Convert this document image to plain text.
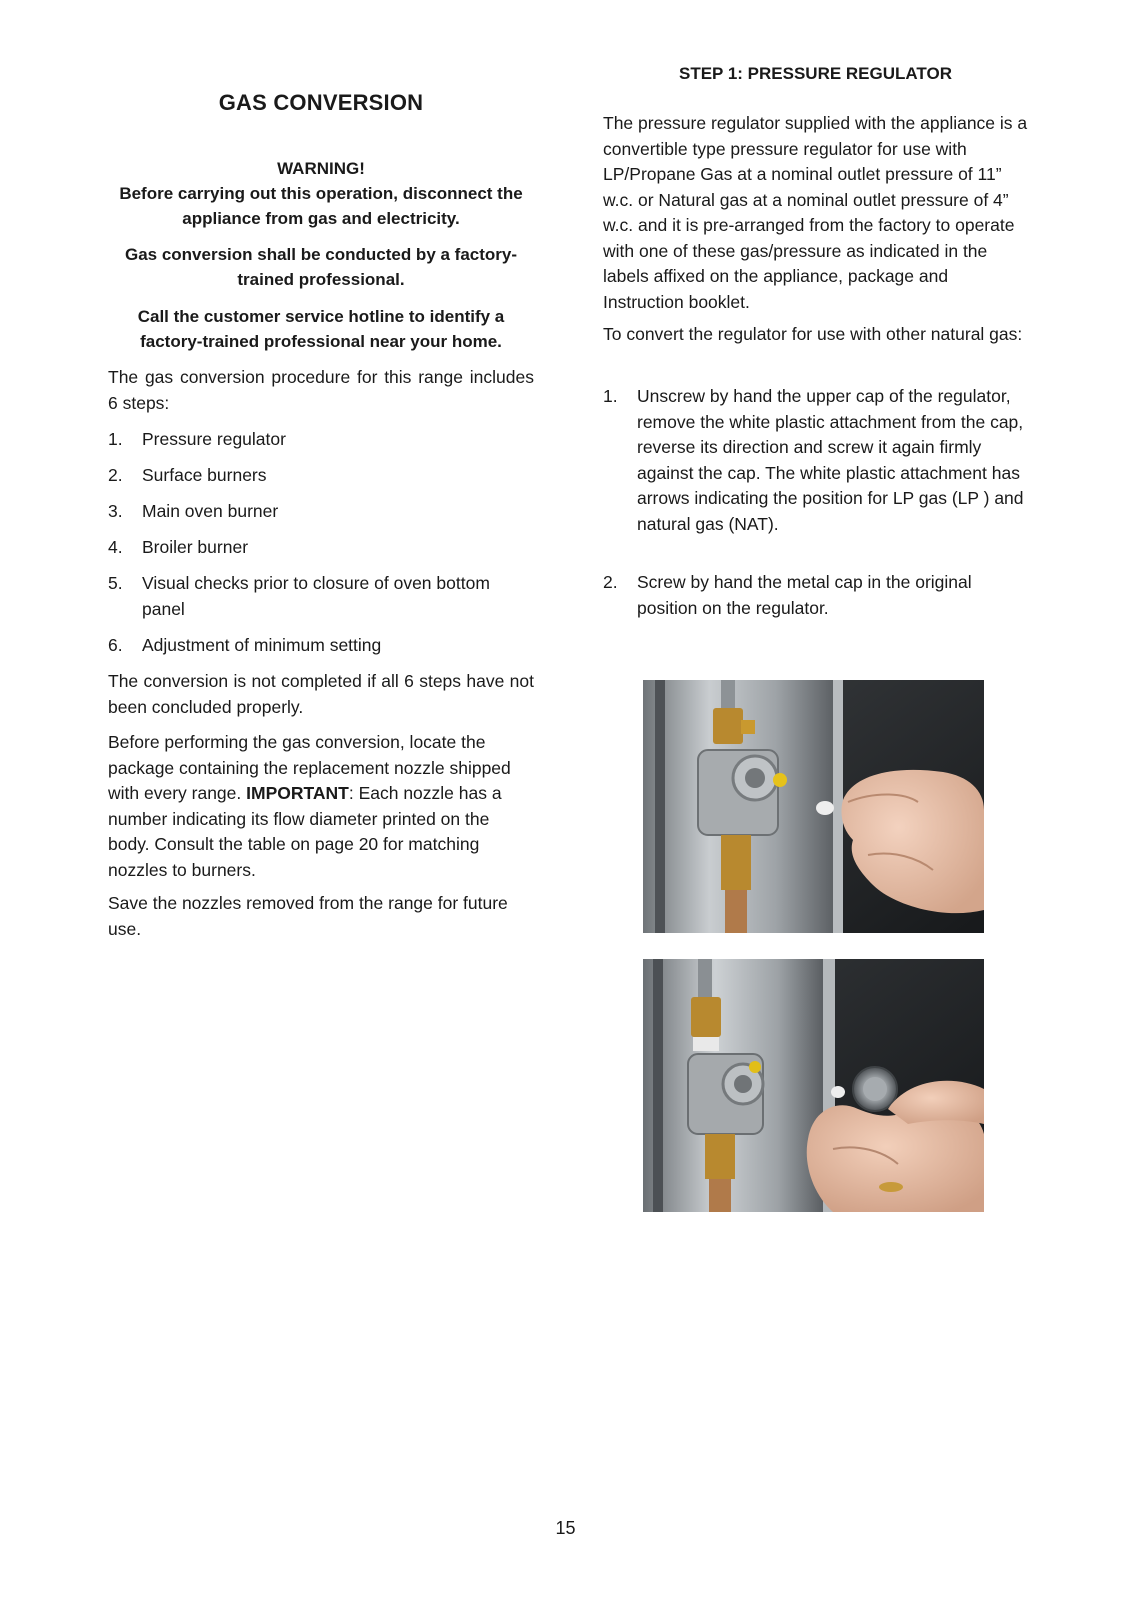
GAS CONVERSION

WARNING!

Before carrying out this operation, disconnect the appliance from gas and electricity.

Gas conversion shall be conducted by a factory-trained professional.

Call the customer service hotline to identify a factory-trained professional near your home.

The gas conversion procedure for this range includes 6 steps:

1. Pressure regulator
2. Surface burners
3. Main oven burner
4. Broiler burner
5. Visual checks prior to closure of oven bottom panel
6. Adjustment of minimum setting

The conversion is not completed if all 6 steps have not been concluded properly.

Before performing the gas conversion, locate the package containing the replacement nozzle shipped with every range. IMPORTANT: Each nozzle has a number indicating its flow diameter printed on the body. Consult the table on page 20 for matching nozzles to burners.

Save the nozzles removed from the range for future use.

STEP 1: PRESSURE REGULATOR

The pressure regulator supplied with the appliance is a convertible type pressure regulator for use with LP/Propane Gas at a nominal outlet pressure of 11” w.c. or Natural gas at a nominal outlet pressure of 4” w.c. and it is pre-arranged from the factory to operate with one of these gas/pressure as indicated in the labels affixed on the appliance, package and Instruction booklet.

To convert the regulator for use with other natural gas:

1. Unscrew by hand the upper cap of the regulator, remove the white plastic attachment from the cap, reverse its direction and screw it again firmly against the cap. The white plastic attachment has arrows indicating the position for LP gas (LP ) and natural gas (NAT).
2. Screw by hand the metal cap in the original position on the regulator.
15
